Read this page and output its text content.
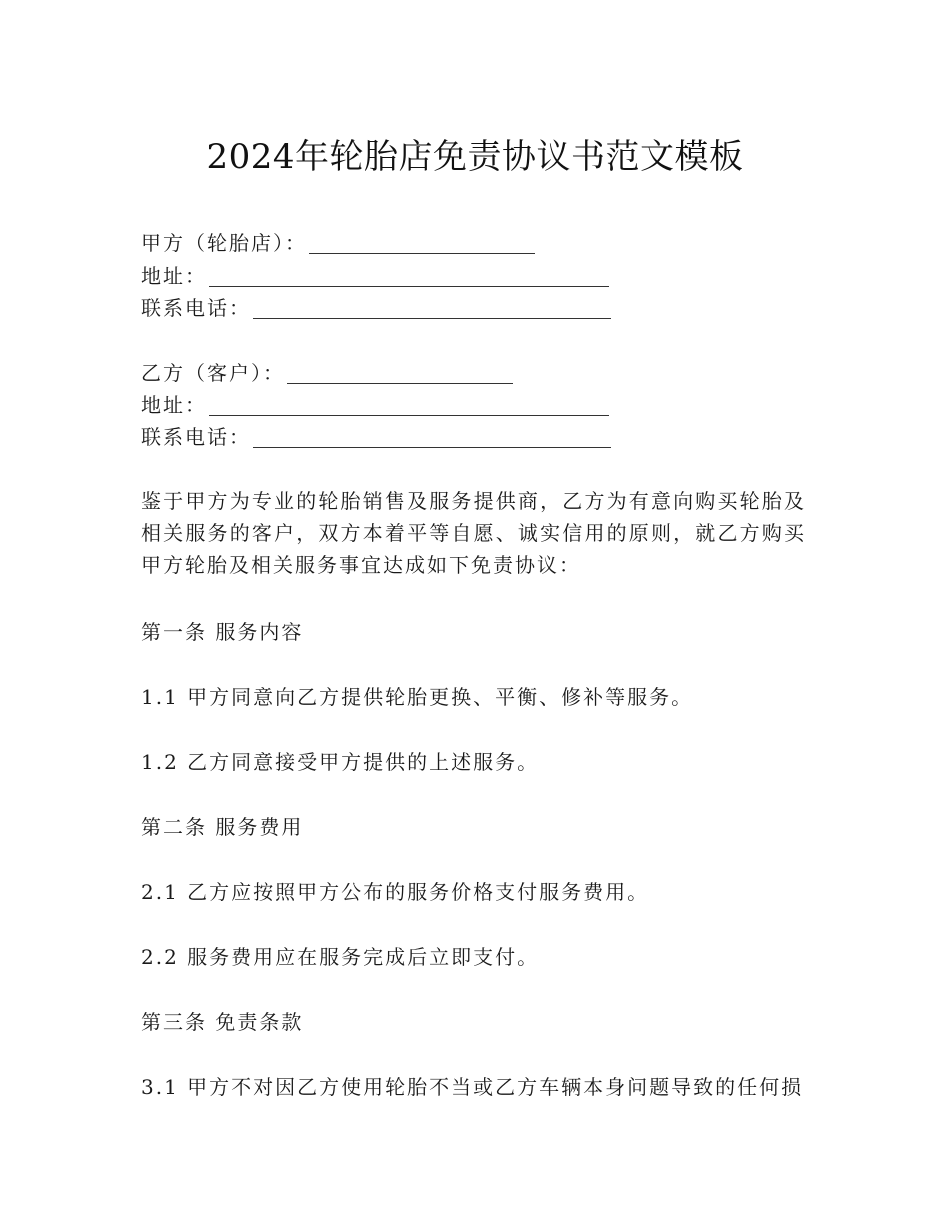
2024年轮胎店免责协议书范文模板
甲方（轮胎店）：
地址：
联系电话：
乙方（客户）：
地址：
联系电话：
鉴于甲方为专业的轮胎销售及服务提供商，乙方为有意向购买轮胎及相关服务的客户，双方本着平等自愿、诚实信用的原则，就乙方购买甲方轮胎及相关服务事宜达成如下免责协议：
第一条 服务内容
1.1 甲方同意向乙方提供轮胎更换、平衡、修补等服务。
1.2 乙方同意接受甲方提供的上述服务。
第二条 服务费用
2.1 乙方应按照甲方公布的服务价格支付服务费用。
2.2 服务费用应在服务完成后立即支付。
第三条 免责条款
3.1 甲方不对因乙方使用轮胎不当或乙方车辆本身问题导致的任何损
